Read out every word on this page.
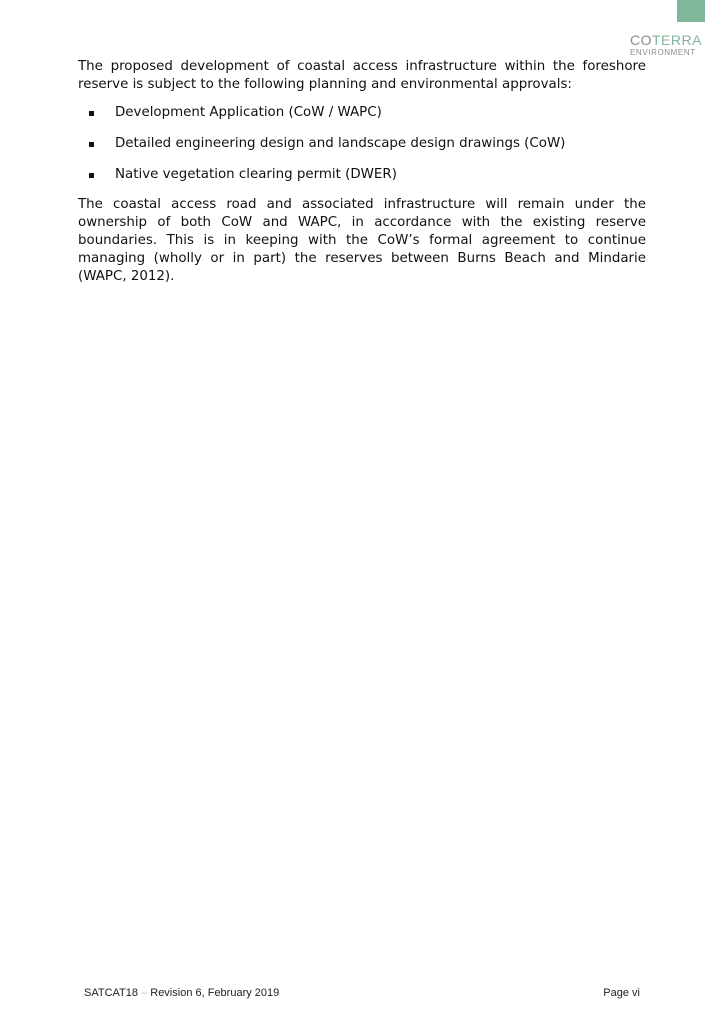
COTERRA
ENVIRONMENT

The proposed development of coastal access infrastructure within the foreshore reserve is subject to the following planning and environmental approvals:

Development Application (CoW / WAPC)
Detailed engineering design and landscape design drawings (CoW)
Native vegetation clearing permit (DWER)

The coastal access road and associated infrastructure will remain under the ownership of both CoW and WAPC, in accordance with the existing reserve boundaries. This is in keeping with the CoW’s formal agreement to continue managing (wholly or in part) the reserves between Burns Beach and Mindarie (WAPC, 2012).

SATCAT18 – Revision 6, February 2019	Page vi
